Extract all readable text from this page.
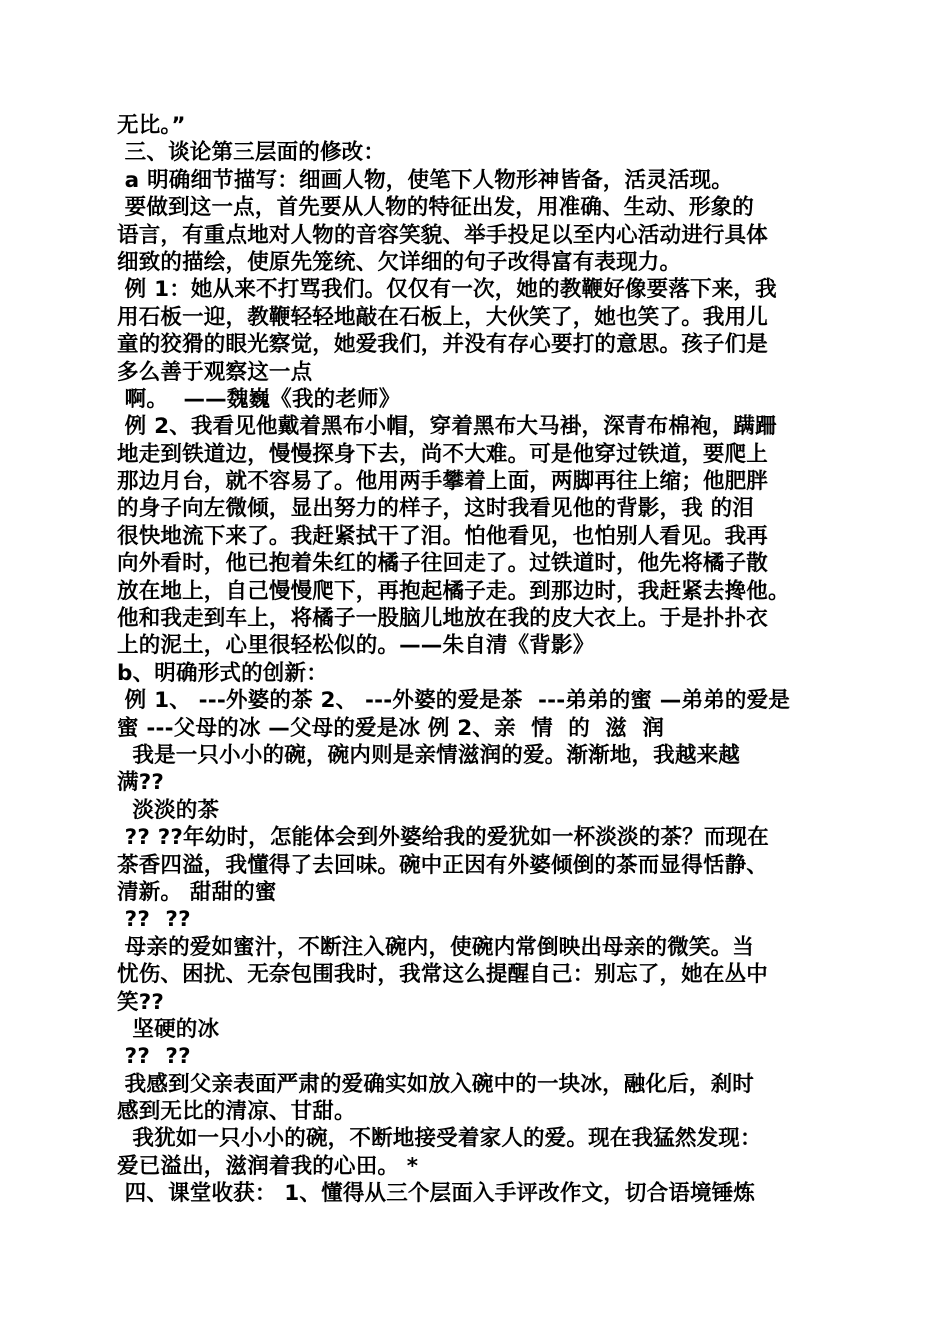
无比。”
三、谈论第三层面的修改：
a 明确细节描写：细画人物，使笔下人物形神皆备，活灵活现。
要做到这一点，首先要从人物的特征出发，用准确、生动、形象的
语言，有重点地对人物的音容笑貌、举手投足以至内心活动进行具体
细致的描绘，使原先笼统、欠详细的句子改得富有表现力。
例 1：她从来不打骂我们。仅仅有一次，她的教鞭好像要落下来，我
用石板一迎，教鞭轻轻地敲在石板上，大伙笑了，她也笑了。我用儿
童的狡猾的眼光察觉，她爱我们，并没有存心要打的意思。孩子们是
多么善于观察这一点
啊。  ——魏巍《我的老师》
例 2、我看见他戴着黑布小帽，穿着黑布大马褂，深青布棉袍，蹒跚
地走到铁道边，慢慢探身下去，尚不大难。可是他穿过铁道，要爬上
那边月台，就不容易了。他用两手攀着上面，两脚再往上缩；他肥胖
的身子向左微倾，显出努力的样子，这时我看见他的背影，我 的泪
很快地流下来了。我赶紧拭干了泪。怕他看见，也怕别人看见。我再
向外看时，他已抱着朱红的橘子往回走了。过铁道时，他先将橘子散
放在地上，自己慢慢爬下，再抱起橘子走。到那边时，我赶紧去搀他。
他和我走到车上，将橘子一股脑儿地放在我的皮大衣上。于是扑扑衣
上的泥土，心里很轻松似的。——朱自清《背影》
b、明确形式的创新：
例 1、 ---外婆的茶 2、 ---外婆的爱是茶  ---弟弟的蜜 —弟弟的爱是
蜜 ---父母的冰 —父母的爱是冰 例 2、亲  情  的  滋  润
我是一只小小的碗，碗内则是亲情滋润的爱。渐渐地，我越来越
满??
淡淡的茶
?? ??年幼时，怎能体会到外婆给我的爱犹如一杯淡淡的茶？而现在
茶香四溢，我懂得了去回味。碗中正因有外婆倾倒的茶而显得恬静、
清新。 甜甜的蜜
??  ??
母亲的爱如蜜汁，不断注入碗内，使碗内常倒映出母亲的微笑。当
忧伤、困扰、无奈包围我时，我常这么提醒自己：别忘了，她在丛中
笑??
坚硬的冰
??  ??
我感到父亲表面严肃的爱确实如放入碗中的一块冰，融化后，刹时
感到无比的清凉、甘甜。
我犹如一只小小的碗，不断地接受着家人的爱。现在我猛然发现：
爱已溢出，滋润着我的心田。 *
四、课堂收获： 1、懂得从三个层面入手评改作文，切合语境锤炼
